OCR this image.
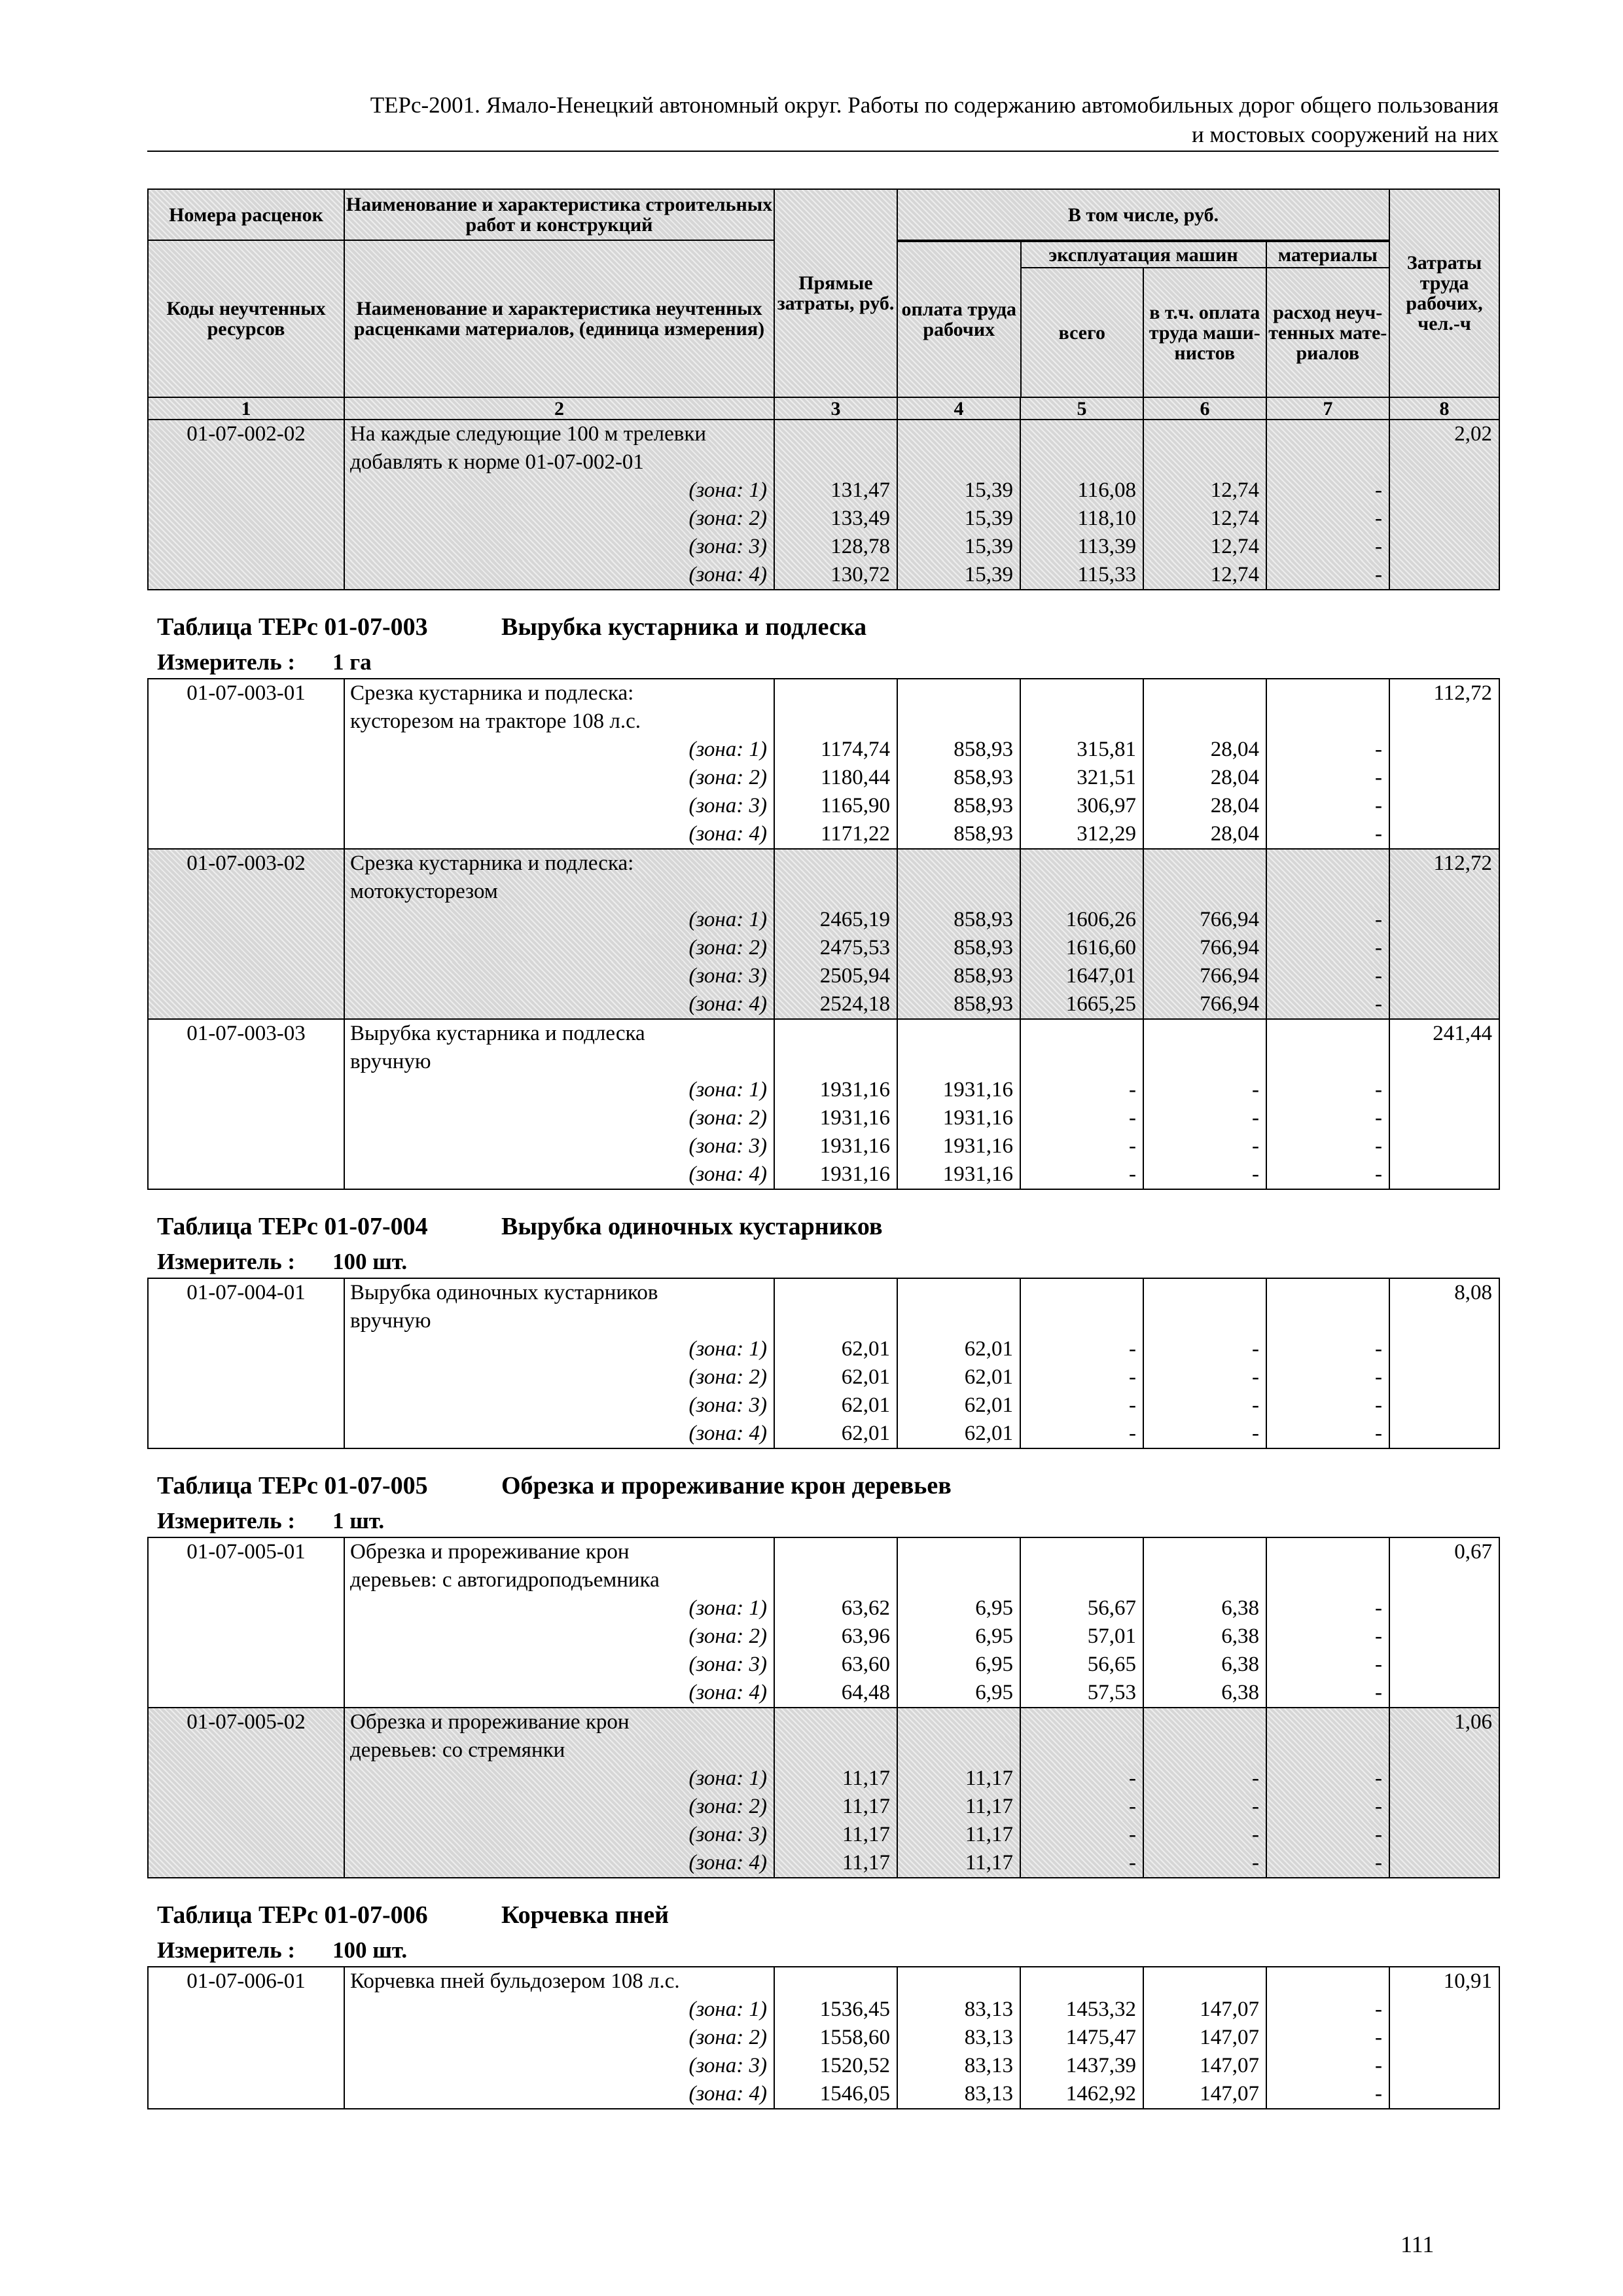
ТЕРс-2001. Ямало-Ненецкий автономный округ. Работы по содержанию автомобильных дорог общего пользования
и мостовых сооружений на них
Номера расценок	Наименование и характеристика строительных работ и конструкций	Прямые затраты, руб.	В том числе, руб.	Затраты труда рабочих, чел.-ч
Коды неучтенных ресурсов	Наименование и характеристика неучтенных расценками материалов, (единица измерения)	
оплата труда рабочих	эксплуатация машин	материалы
всего	в т.ч. оплата труда маши-нистов	расход неуч-тенных мате-риалов

1	2	3	4	5	6	7	8
01-07-002-02	На каждые следующие 100 м трелевки						2,02
	добавлять к норме 01-07-002-01						
	(зона: 1)	131,47	15,39	116,08	12,74	-	
	(зона: 2)	133,49	15,39	118,10	12,74	-	
	(зона: 3)	128,78	15,39	113,39	12,74	-	
	(зона: 4)	130,72	15,39	115,33	12,74	-	
Таблица ТЕРс 01-07-003	Вырубка кустарника и подлеска
Измеритель :	1 га
01-07-003-01	Срезка кустарника и подлеска:						112,72
	кусторезом на тракторе 108 л.с.						
	(зона: 1)	1174,74	858,93	315,81	28,04	-	
	(зона: 2)	1180,44	858,93	321,51	28,04	-	
	(зона: 3)	1165,90	858,93	306,97	28,04	-	
	(зона: 4)	1171,22	858,93	312,29	28,04	-	
01-07-003-02	Срезка кустарника и подлеска:						112,72
	мотокусторезом						
	(зона: 1)	2465,19	858,93	1606,26	766,94	-	
	(зона: 2)	2475,53	858,93	1616,60	766,94	-	
	(зона: 3)	2505,94	858,93	1647,01	766,94	-	
	(зона: 4)	2524,18	858,93	1665,25	766,94	-	
01-07-003-03	Вырубка кустарника и подлеска						241,44
	вручную						
	(зона: 1)	1931,16	1931,16	-	-	-	
	(зона: 2)	1931,16	1931,16	-	-	-	
	(зона: 3)	1931,16	1931,16	-	-	-	
	(зона: 4)	1931,16	1931,16	-	-	-	
Таблица ТЕРс 01-07-004	Вырубка одиночных кустарников
Измеритель :	100 шт.
01-07-004-01	Вырубка одиночных кустарников						8,08
	вручную						
	(зона: 1)	62,01	62,01	-	-	-	
	(зона: 2)	62,01	62,01	-	-	-	
	(зона: 3)	62,01	62,01	-	-	-	
	(зона: 4)	62,01	62,01	-	-	-	
Таблица ТЕРс 01-07-005	Обрезка и прореживание крон деревьев
Измеритель :	1 шт.
01-07-005-01	Обрезка и прореживание крон						0,67
	деревьев: с автогидроподъемника						
	(зона: 1)	63,62	6,95	56,67	6,38	-	
	(зона: 2)	63,96	6,95	57,01	6,38	-	
	(зона: 3)	63,60	6,95	56,65	6,38	-	
	(зона: 4)	64,48	6,95	57,53	6,38	-	
01-07-005-02	Обрезка и прореживание крон						1,06
	деревьев: со стремянки						
	(зона: 1)	11,17	11,17	-	-	-	
	(зона: 2)	11,17	11,17	-	-	-	
	(зона: 3)	11,17	11,17	-	-	-	
	(зона: 4)	11,17	11,17	-	-	-	
Таблица ТЕРс 01-07-006	Корчевка пней
Измеритель :	100 шт.
01-07-006-01	Корчевка пней бульдозером 108 л.с.						10,91
	(зона: 1)	1536,45	83,13	1453,32	147,07	-	
	(зона: 2)	1558,60	83,13	1475,47	147,07	-	
	(зона: 3)	1520,52	83,13	1437,39	147,07	-	
	(зона: 4)	1546,05	83,13	1462,92	147,07	-	
111
